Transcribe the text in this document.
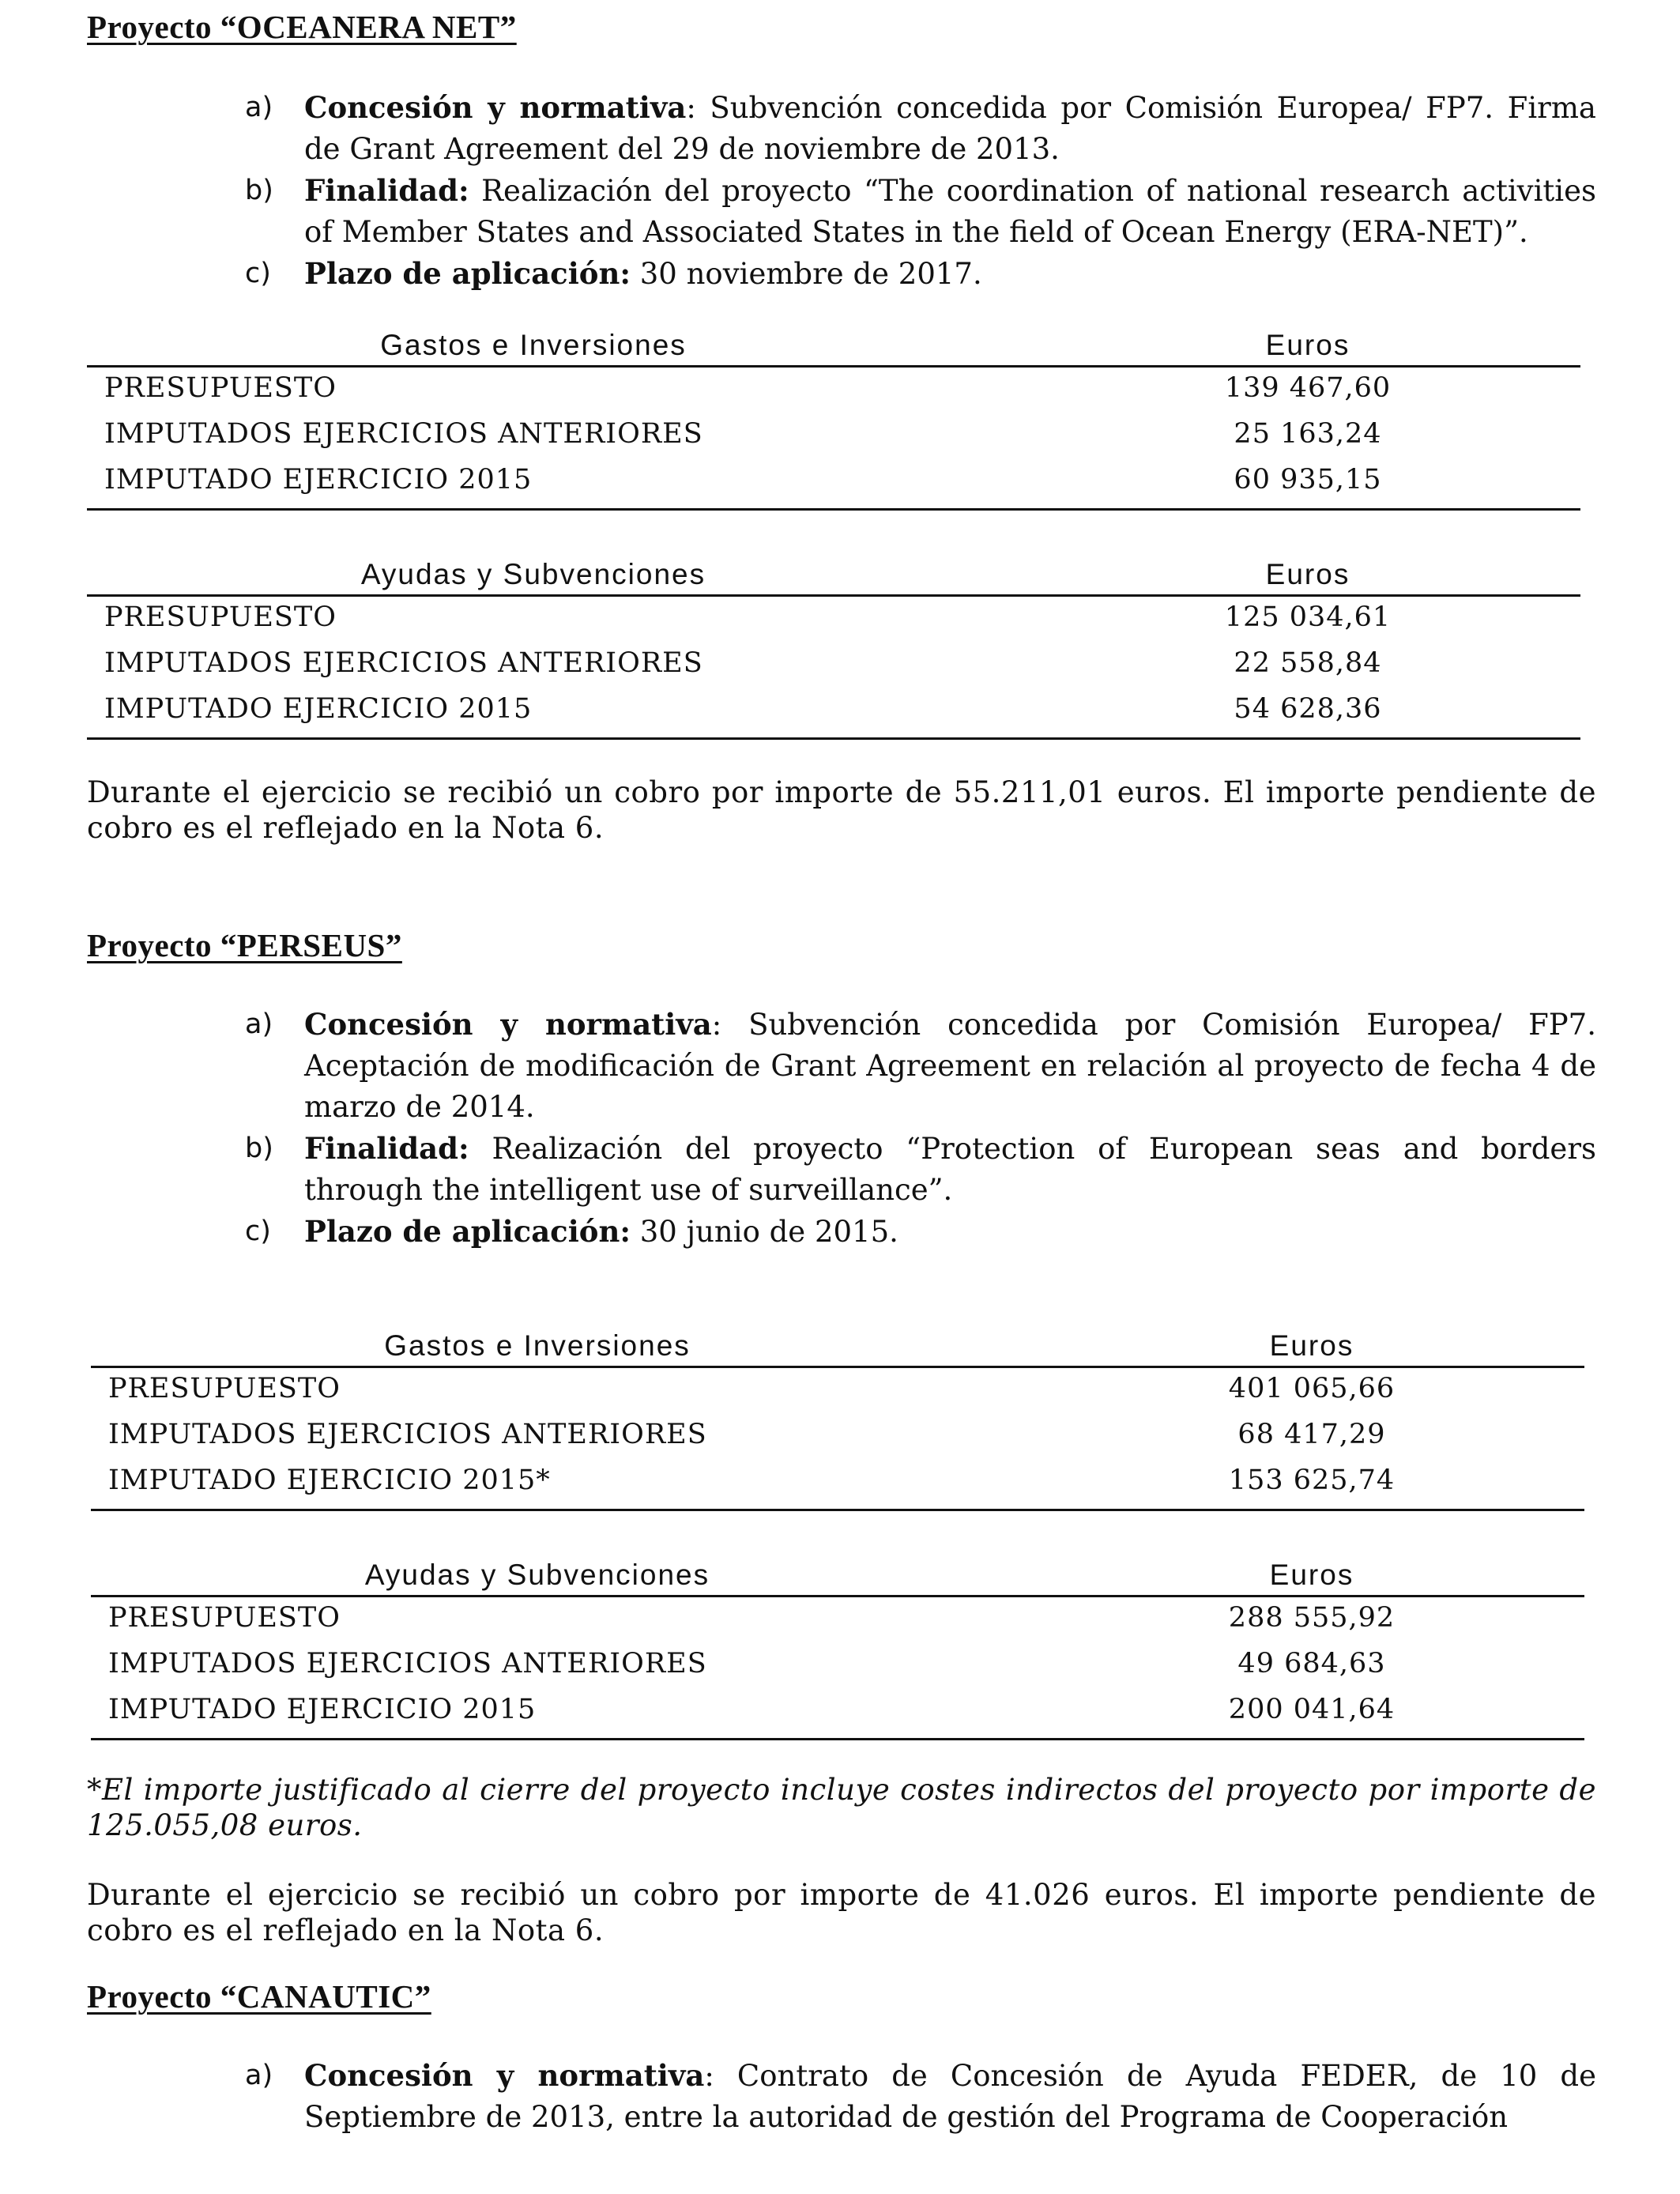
Proyecto “OCEANERA NET”
a) Concesión y normativa: Subvención concedida por Comisión Europea/ FP7. Firma de Grant Agreement del 29 de noviembre de 2013.
b) Finalidad: Realización del proyecto “The coordination of national research activities of Member States and Associated States in the field of Ocean Energy (ERA-NET)”.
c) Plazo de aplicación: 30 noviembre de 2017.
Gastos e Inversiones	Euros
PRESUPUESTO	139 467,60
IMPUTADOS EJERCICIOS ANTERIORES	25 163,24
IMPUTADO EJERCICIO 2015	60 935,15
Ayudas y Subvenciones	Euros
PRESUPUESTO	125 034,61
IMPUTADOS EJERCICIOS ANTERIORES	22 558,84
IMPUTADO EJERCICIO 2015	54 628,36
Durante el ejercicio se recibió un cobro por importe de 55.211,01 euros. El importe pendiente de cobro es el reflejado en la Nota 6.
Proyecto “PERSEUS”
a) Concesión y normativa: Subvención concedida por Comisión Europea/ FP7. Aceptación de modificación de Grant Agreement en relación al proyecto de fecha 4 de marzo de 2014.
b) Finalidad: Realización del proyecto “Protection of European seas and borders through the intelligent use of surveillance”.
c) Plazo de aplicación: 30 junio de 2015.
Gastos e Inversiones	Euros
PRESUPUESTO	401 065,66
IMPUTADOS EJERCICIOS ANTERIORES	68 417,29
IMPUTADO EJERCICIO 2015*	153 625,74
Ayudas y Subvenciones	Euros
PRESUPUESTO	288 555,92
IMPUTADOS EJERCICIOS ANTERIORES	49 684,63
IMPUTADO EJERCICIO 2015	200 041,64
*El importe justificado al cierre del proyecto incluye costes indirectos del proyecto por importe de 125.055,08 euros.
Durante el ejercicio se recibió un cobro por importe de 41.026 euros. El importe pendiente de cobro es el reflejado en la Nota 6.
Proyecto “CANAUTIC”
a) Concesión y normativa: Contrato de Concesión de Ayuda FEDER, de 10 de Septiembre de 2013, entre la autoridad de gestión del Programa de Cooperación
